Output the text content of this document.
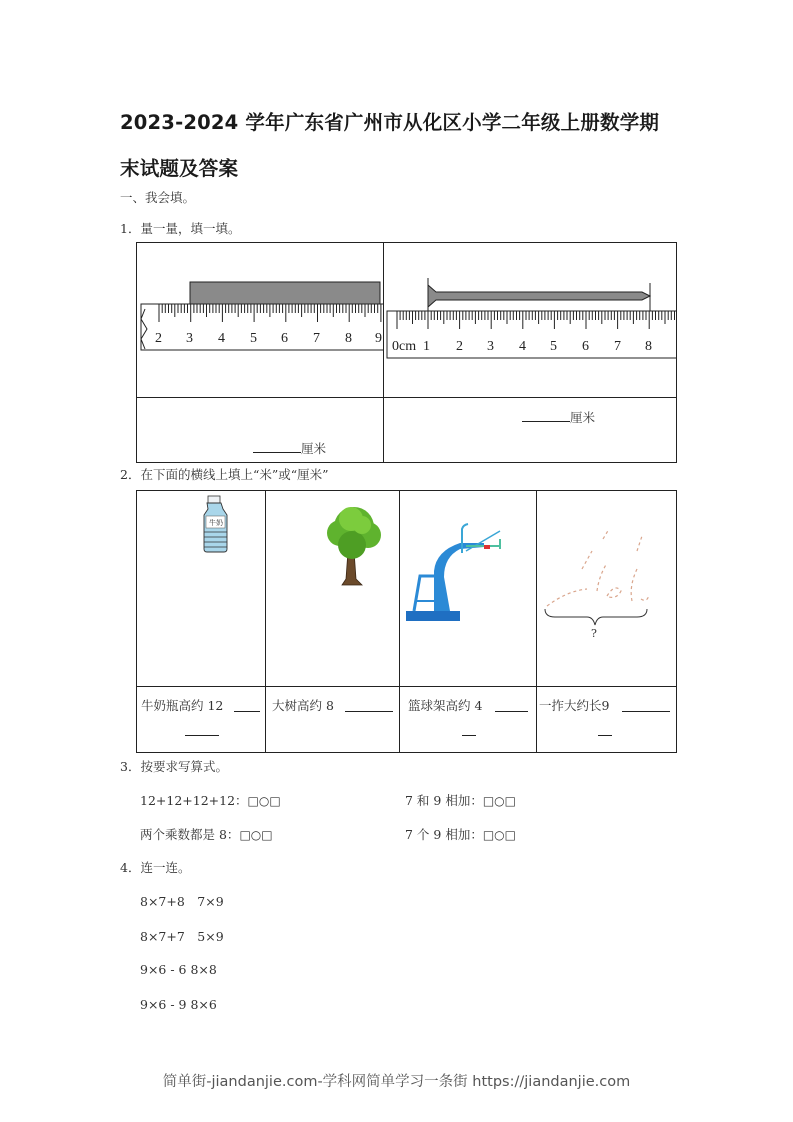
2023-2024 学年广东省广州市从化区小学二年级上册数学期
末试题及答案
一、我会填。
1．量一量，填一填。
2 3 4 5 6 7 8 9

0cm 1 2 3 4 5 6 7 8

厘米	厘米
2．在下面的横线上填上“米”或“厘米”
牛奶			?

牛奶瓶高约 12	大树高约 8	篮球架高约 4	一拃大约长9
3．按要求写算式。
12+12+12+12：□○□	7 和 9 相加：□○□
两个乘数都是 8：□○□	7 个 9 相加：□○□
4．连一连。
8×7+8　7×9
8×7+7　5×9
9×6 - 6 8×8
9×6 - 9 8×6
简单街-jiandanjie.com-学科网简单学习一条街 https://jiandanjie.com
